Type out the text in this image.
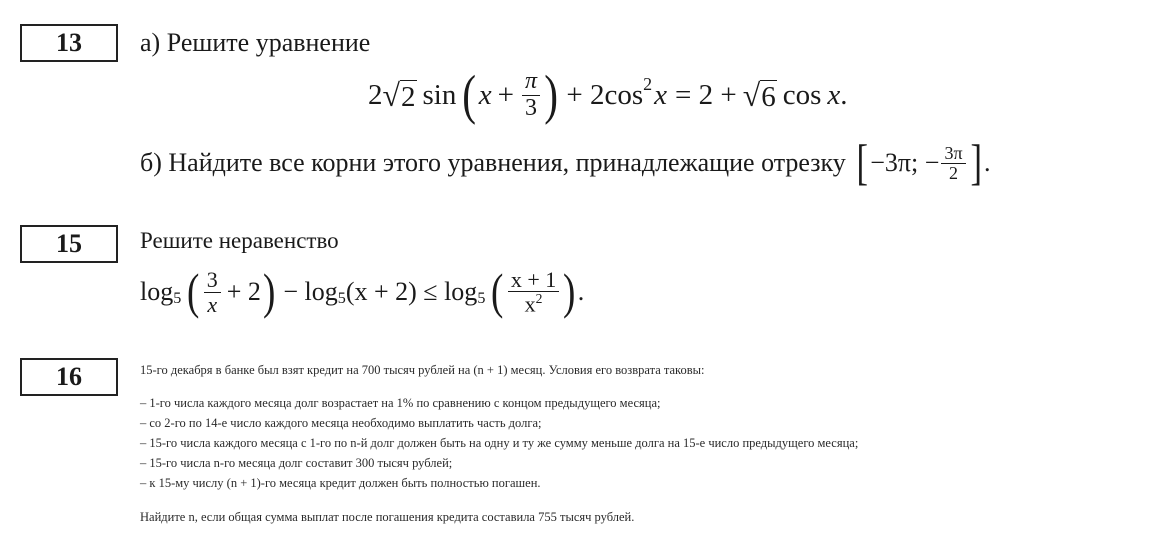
13	а) Решите уравнение
2 √ 2 sin ( $x + \frac{\pi}{3}$ ) + $2\cos^2$ x = 2 + √ 6 cos x .
б) Найдите все корни этого уравнения, принадлежащие отрезку [ −3π; − $\frac{3\pi}{2}$ ] .
15	Решите неравенство
$\log_5$ ( $\frac{3}{x} + 2$ ) − $\log_5 (x + 2) \le \log_5$ ( $\frac{x + 1}{x^2}$ ) .
16	15-го декабря в банке был взят кредит на 700 тысяч рублей на (n + 1) месяц. Условия его возврата таковы:
– 1-го числа каждого месяца долг возрастает на 1% по сравнению с концом предыдущего месяца;
– со 2-го по 14-е число каждого месяца необходимо выплатить часть долга;
– 15-го числа каждого месяца с 1-го по n-й долг должен быть на одну и ту же сумму меньше долга на 15-е число предыдущего месяца;
– 15-го числа n-го месяца долг составит 300 тысяч рублей;
– к 15-му числу (n + 1)-го месяца кредит должен быть полностью погашен.
Найдите n, если общая сумма выплат после погашения кредита составила 755 тысяч рублей.
